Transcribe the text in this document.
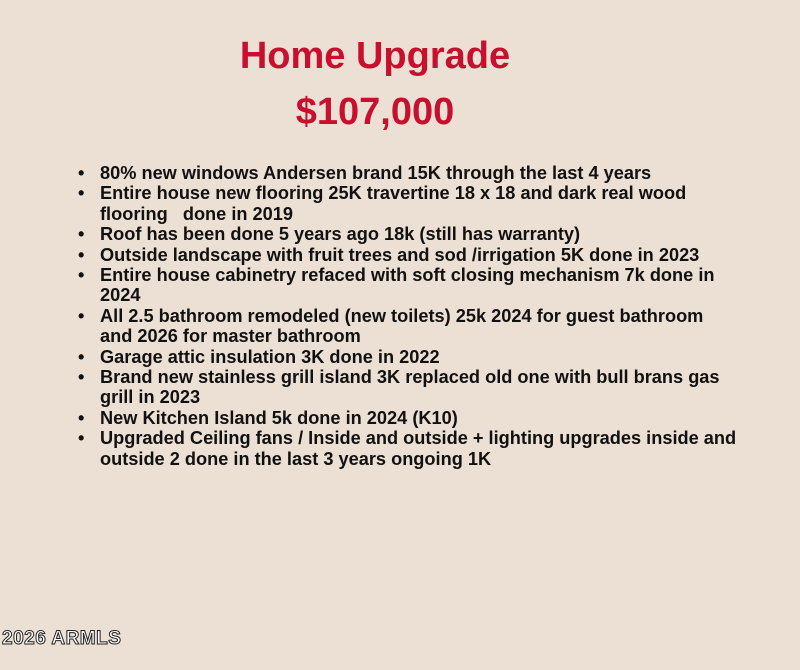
Home Upgrade
$107,000
• 80% new windows Andersen brand 15K through the last 4 years
• Entire house new flooring 25K travertine 18 x 18 and dark real wood flooring   done in 2019
• Roof has been done 5 years ago 18k (still has warranty)
• Outside landscape with fruit trees and sod /irrigation 5K done in 2023
• Entire house cabinetry refaced with soft closing mechanism 7k done in 2024
• All 2.5 bathroom remodeled (new toilets) 25k 2024 for guest bathroom and 2026 for master bathroom
• Garage attic insulation 3K done in 2022
• Brand new stainless grill island 3K replaced old one with bull brans gas grill in 2023
• New Kitchen Island 5k done in 2024 (K10)
• Upgraded Ceiling fans / Inside and outside + lighting upgrades inside and outside 2 done in the last 3 years ongoing 1K
2026 ARMLS
